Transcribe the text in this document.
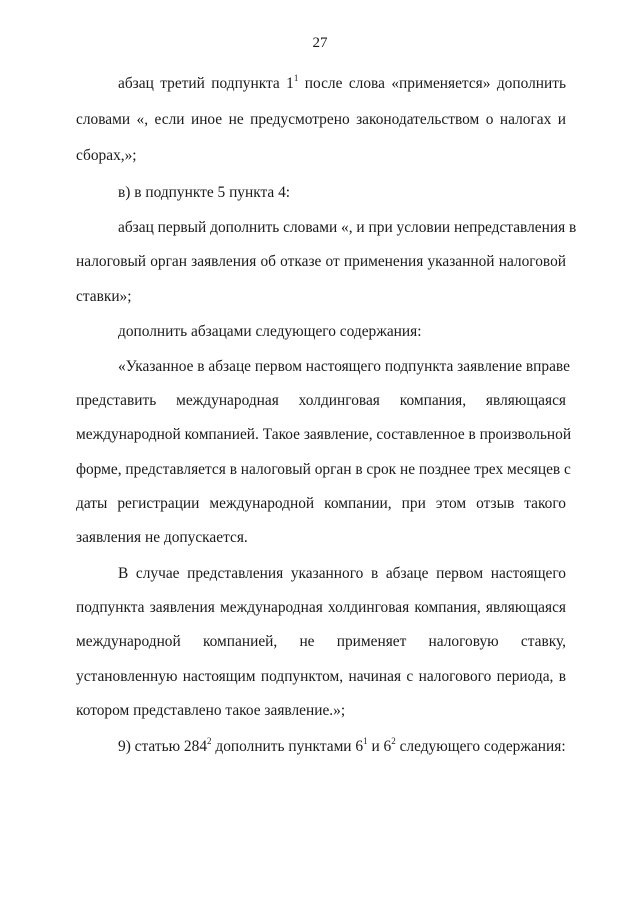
27
абзац третий подпункта $1^1$ после слова «применяется» дополнить
словами «, если иное не предусмотрено законодательством о налогах и
сборах,»;
в) в подпункте 5 пункта 4:
абзац первый дополнить словами «, и при условии непредставления в
налоговый орган заявления об отказе от применения указанной налоговой
ставки»;
дополнить абзацами следующего содержания:
«Указанное в абзаце первом настоящего подпункта заявление вправе
представить международная холдинговая компания, являющаяся
международной компанией. Такое заявление, составленное в произвольной
форме, представляется в налоговый орган в срок не позднее трех месяцев с
даты регистрации международной компании, при этом отзыв такого
заявления не допускается.
В случае представления указанного в абзаце первом настоящего
подпункта заявления международная холдинговая компания, являющаяся
международной компанией, не применяет налоговую ставку,
установленную настоящим подпунктом, начиная с налогового периода, в
котором представлено такое заявление.»;
9) статью $284^2$ дополнить пунктами $6^1$ и $6^2$ следующего содержания:
